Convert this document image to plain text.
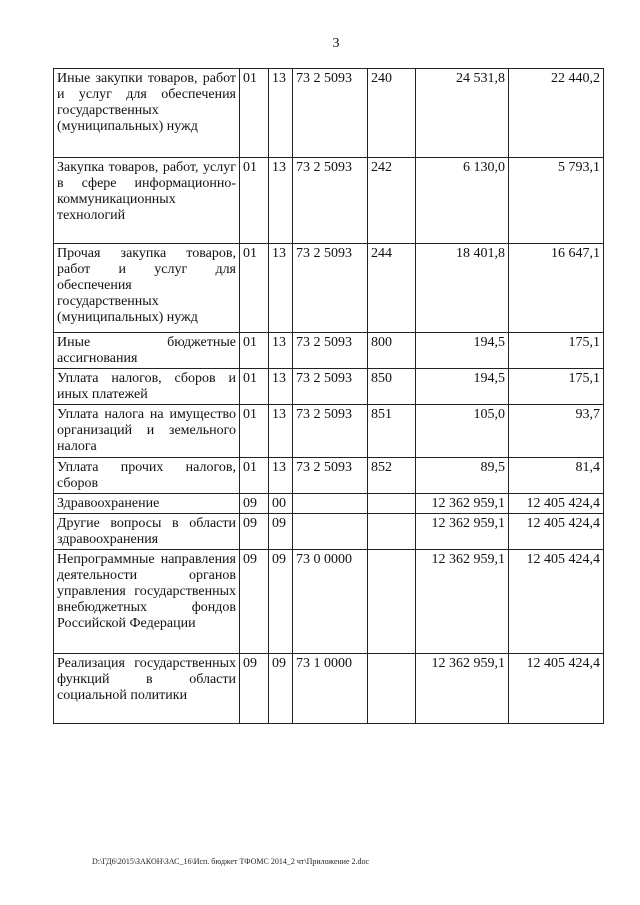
3
Иные закупки товаров, работ и услуг для обеспечения государственных (муниципальных) нужд	01	13	73 2 5093	240	24 531,8	22 440,2
Закупка товаров, работ, услуг в сфере информационно-коммуникационных технологий	01	13	73 2 5093	242	6 130,0	5 793,1
Прочая закупка товаров, работ и услуг для обеспечения государственных (муниципальных) нужд	01	13	73 2 5093	244	18 401,8	16 647,1
Иные бюджетные ассигнования	01	13	73 2 5093	800	194,5	175,1
Уплата налогов, сборов и иных платежей	01	13	73 2 5093	850	194,5	175,1
Уплата налога на имущество организаций и земельного налога	01	13	73 2 5093	851	105,0	93,7
Уплата прочих налогов, сборов	01	13	73 2 5093	852	89,5	81,4
Здравоохранение	09	00			12 362 959,1	12 405 424,4
Другие вопросы в области здравоохранения	09	09			12 362 959,1	12 405 424,4
Непрограммные направления деятельности органов управления государственных внебюджетных фондов Российской Федерации	09	09	73 0 0000		12 362 959,1	12 405 424,4
Реализация государственных функций в области социальной политики	09	09	73 1 0000		12 362 959,1	12 405 424,4
D:\ГД6\2015\ЗАКОН\ЗАС_16\Исп. бюджет ТФОМС 2014_2 чт\Приложение 2.doc
